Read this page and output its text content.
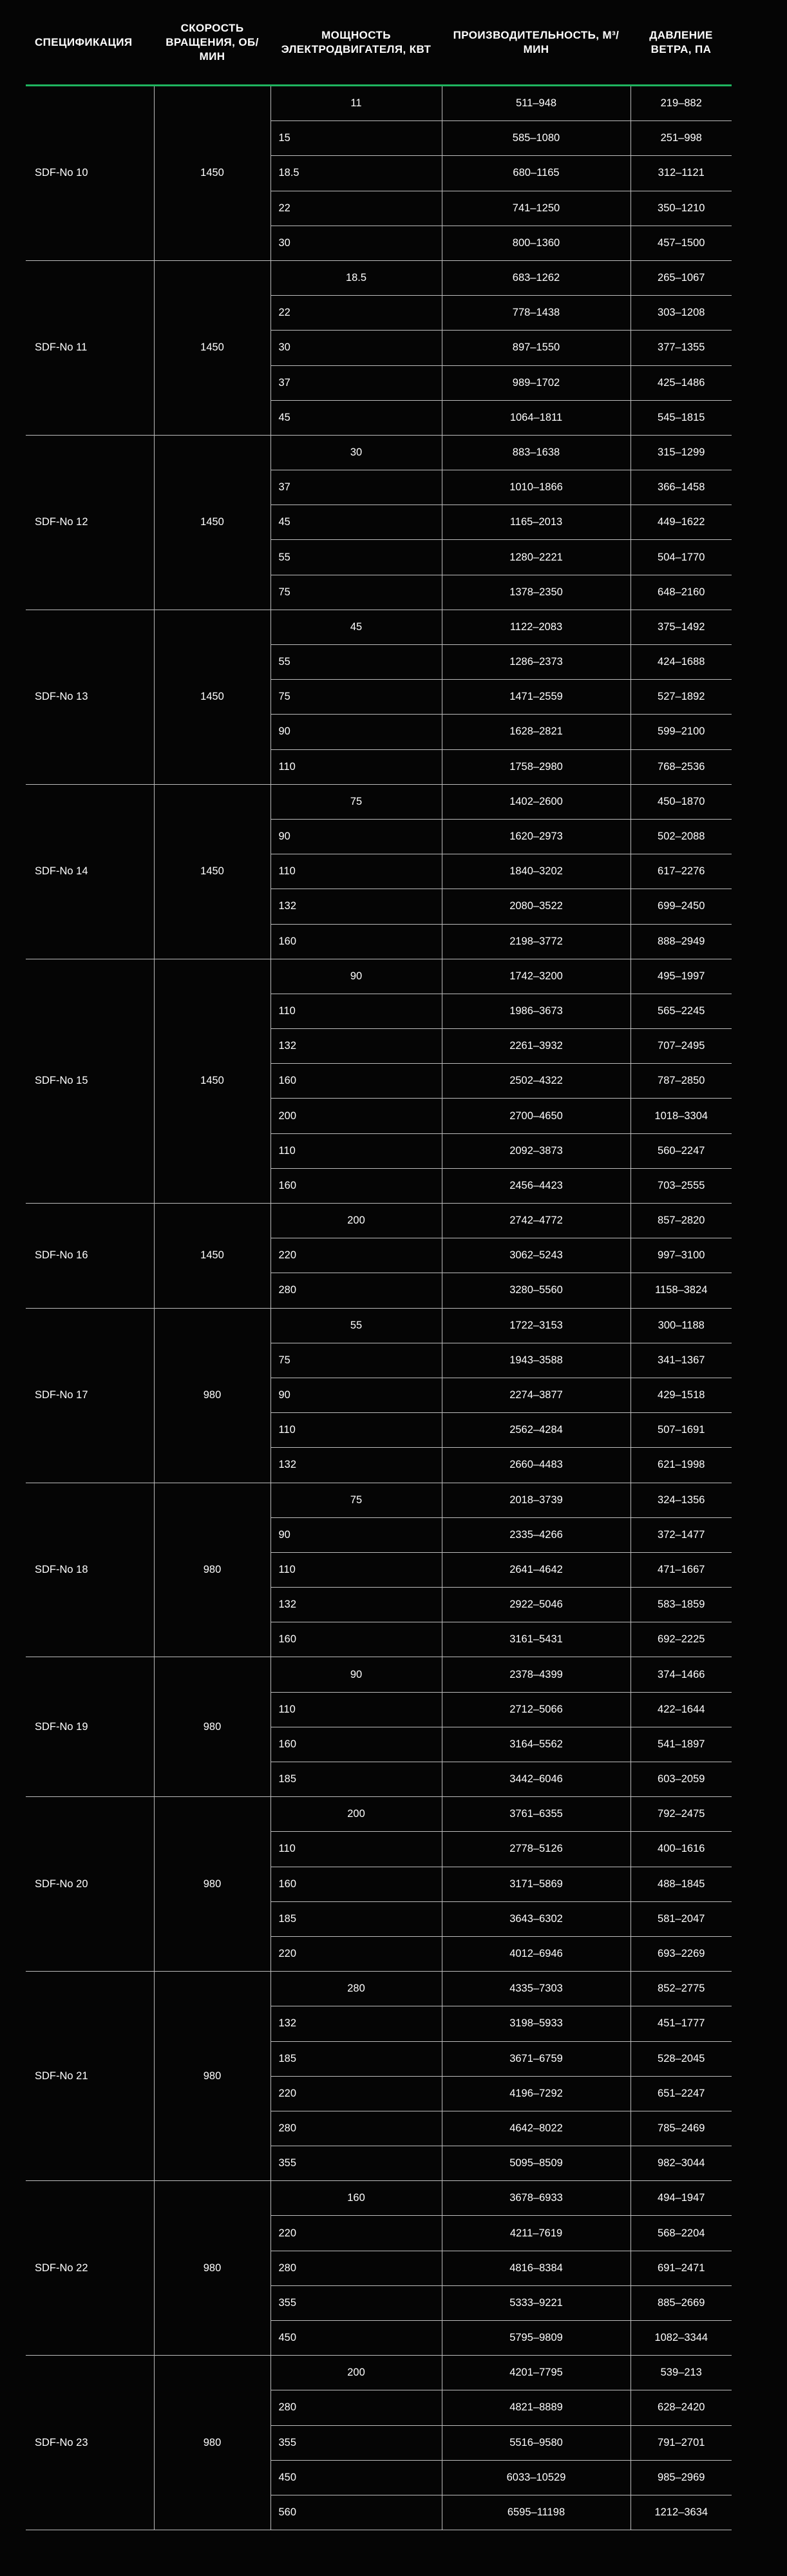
СПЕЦИФИКАЦИЯ	СКОРОСТЬ ВРАЩЕНИЯ, ОБ/МИН	МОЩНОСТЬ ЭЛЕКТРОДВИГАТЕЛЯ, КВТ	ПРОИЗВОДИТЕЛЬНОСТЬ, М³/МИН	ДАВЛЕНИЕ ВЕТРА, ПА
SDF-No 10	1450	11	511–948	219–882
		15	585–1080	251–998
		18.5	680–1165	312–1121
		22	741–1250	350–1210
		30	800–1360	457–1500
SDF-No 11	1450	18.5	683–1262	265–1067
		22	778–1438	303–1208
		30	897–1550	377–1355
		37	989–1702	425–1486
		45	1064–1811	545–1815
SDF-No 12	1450	30	883–1638	315–1299
		37	1010–1866	366–1458
		45	1165–2013	449–1622
		55	1280–2221	504–1770
		75	1378–2350	648–2160
SDF-No 13	1450	45	1122–2083	375–1492
		55	1286–2373	424–1688
		75	1471–2559	527–1892
		90	1628–2821	599–2100
		110	1758–2980	768–2536
SDF-No 14	1450	75	1402–2600	450–1870
		90	1620–2973	502–2088
		110	1840–3202	617–2276
		132	2080–3522	699–2450
		160	2198–3772	888–2949
SDF-No 15	1450	90	1742–3200	495–1997
		110	1986–3673	565–2245
		132	2261–3932	707–2495
		160	2502–4322	787–2850
		200	2700–4650	1018–3304
		110	2092–3873	560–2247
		160	2456–4423	703–2555
SDF-No 16	1450	200	2742–4772	857–2820
		220	3062–5243	997–3100
		280	3280–5560	1158–3824
SDF-No 17	980	55	1722–3153	300–1188
		75	1943–3588	341–1367
		90	2274–3877	429–1518
		110	2562–4284	507–1691
		132	2660–4483	621–1998
SDF-No 18	980	75	2018–3739	324–1356
		90	2335–4266	372–1477
		110	2641–4642	471–1667
		132	2922–5046	583–1859
		160	3161–5431	692–2225
SDF-No 19	980	90	2378–4399	374–1466
		110	2712–5066	422–1644
		160	3164–5562	541–1897
		185	3442–6046	603–2059
SDF-No 20	980	200	3761–6355	792–2475
		110	2778–5126	400–1616
		160	3171–5869	488–1845
		185	3643–6302	581–2047
		220	4012–6946	693–2269
SDF-No 21	980	280	4335–7303	852–2775
		132	3198–5933	451–1777
		185	3671–6759	528–2045
		220	4196–7292	651–2247
		280	4642–8022	785–2469
		355	5095–8509	982–3044
SDF-No 22	980	160	3678–6933	494–1947
		220	4211–7619	568–2204
		280	4816–8384	691–2471
		355	5333–9221	885–2669
		450	5795–9809	1082–3344
SDF-No 23	980	200	4201–7795	539–213
		280	4821–8889	628–2420
		355	5516–9580	791–2701
		450	6033–10529	985–2969
		560	6595–11198	1212–3634
